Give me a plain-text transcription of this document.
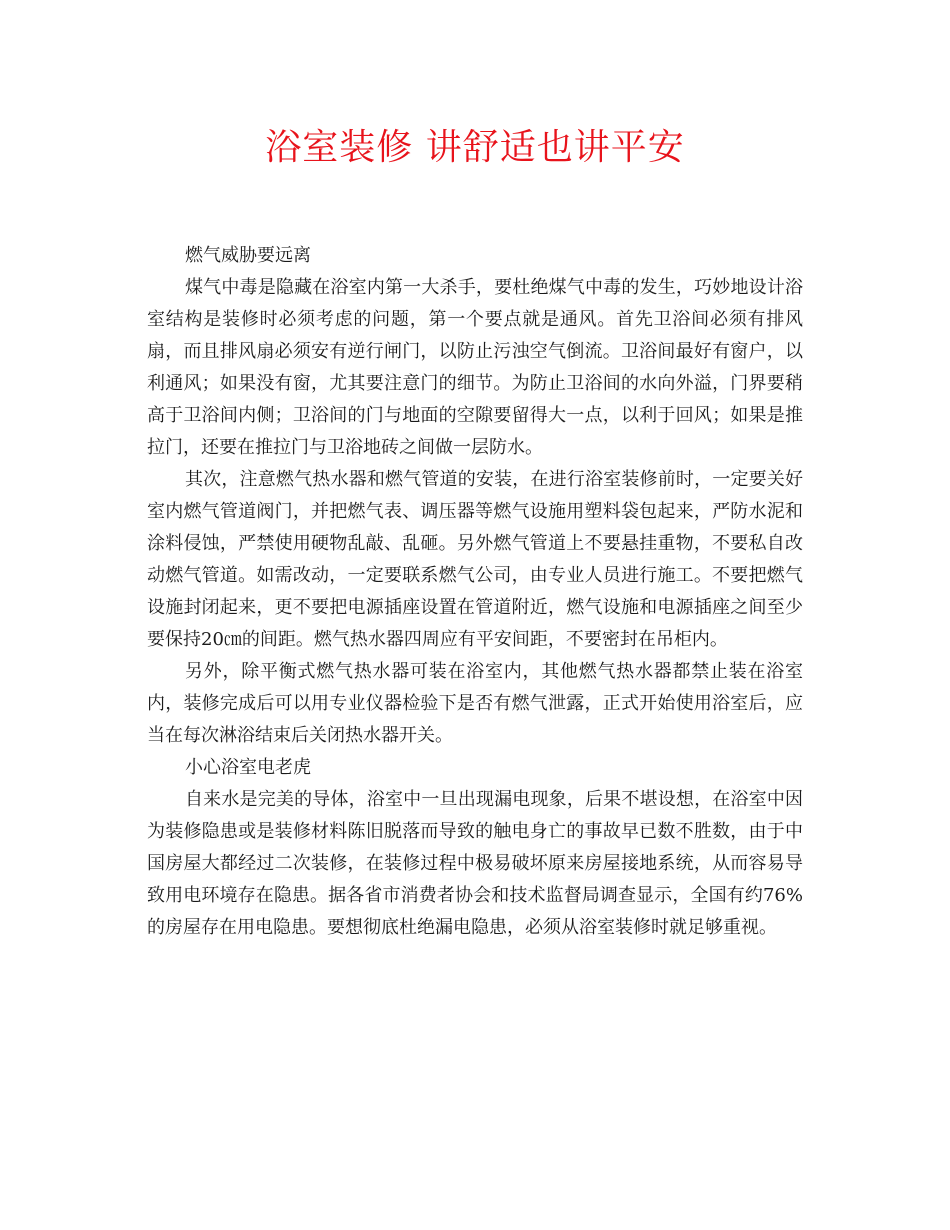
浴室装修 讲舒适也讲平安

燃气威胁要远离

煤气中毒是隐藏在浴室内第一大杀手，要杜绝煤气中毒的发生，巧妙地设计浴室结构是装修时必须考虑的问题，第一个要点就是通风。首先卫浴间必须有排风扇，而且排风扇必须安有逆行闸门，以防止污浊空气倒流。卫浴间最好有窗户，以利通风；如果没有窗，尤其要注意门的细节。为防止卫浴间的水向外溢，门界要稍高于卫浴间内侧；卫浴间的门与地面的空隙要留得大一点，以利于回风；如果是推拉门，还要在推拉门与卫浴地砖之间做一层防水。

其次，注意燃气热水器和燃气管道的安装，在进行浴室装修前时，一定要关好室内燃气管道阀门，并把燃气表、调压器等燃气设施用塑料袋包起来，严防水泥和涂料侵蚀，严禁使用硬物乱敲、乱砸。另外燃气管道上不要悬挂重物，不要私自改动燃气管道。如需改动，一定要联系燃气公司，由专业人员进行施工。不要把燃气设施封闭起来，更不要把电源插座设置在管道附近，燃气设施和电源插座之间至少要保持20㎝的间距。燃气热水器四周应有平安间距，不要密封在吊柜内。

另外，除平衡式燃气热水器可装在浴室内，其他燃气热水器都禁止装在浴室内，装修完成后可以用专业仪器检验下是否有燃气泄露，正式开始使用浴室后，应当在每次淋浴结束后关闭热水器开关。

小心浴室电老虎

自来水是完美的导体，浴室中一旦出现漏电现象，后果不堪设想，在浴室中因为装修隐患或是装修材料陈旧脱落而导致的触电身亡的事故早已数不胜数，由于中国房屋大都经过二次装修，在装修过程中极易破坏原来房屋接地系统，从而容易导致用电环境存在隐患。据各省市消费者协会和技术监督局调查显示，全国有约76%的房屋存在用电隐患。要想彻底杜绝漏电隐患，必须从浴室装修时就足够重视。
